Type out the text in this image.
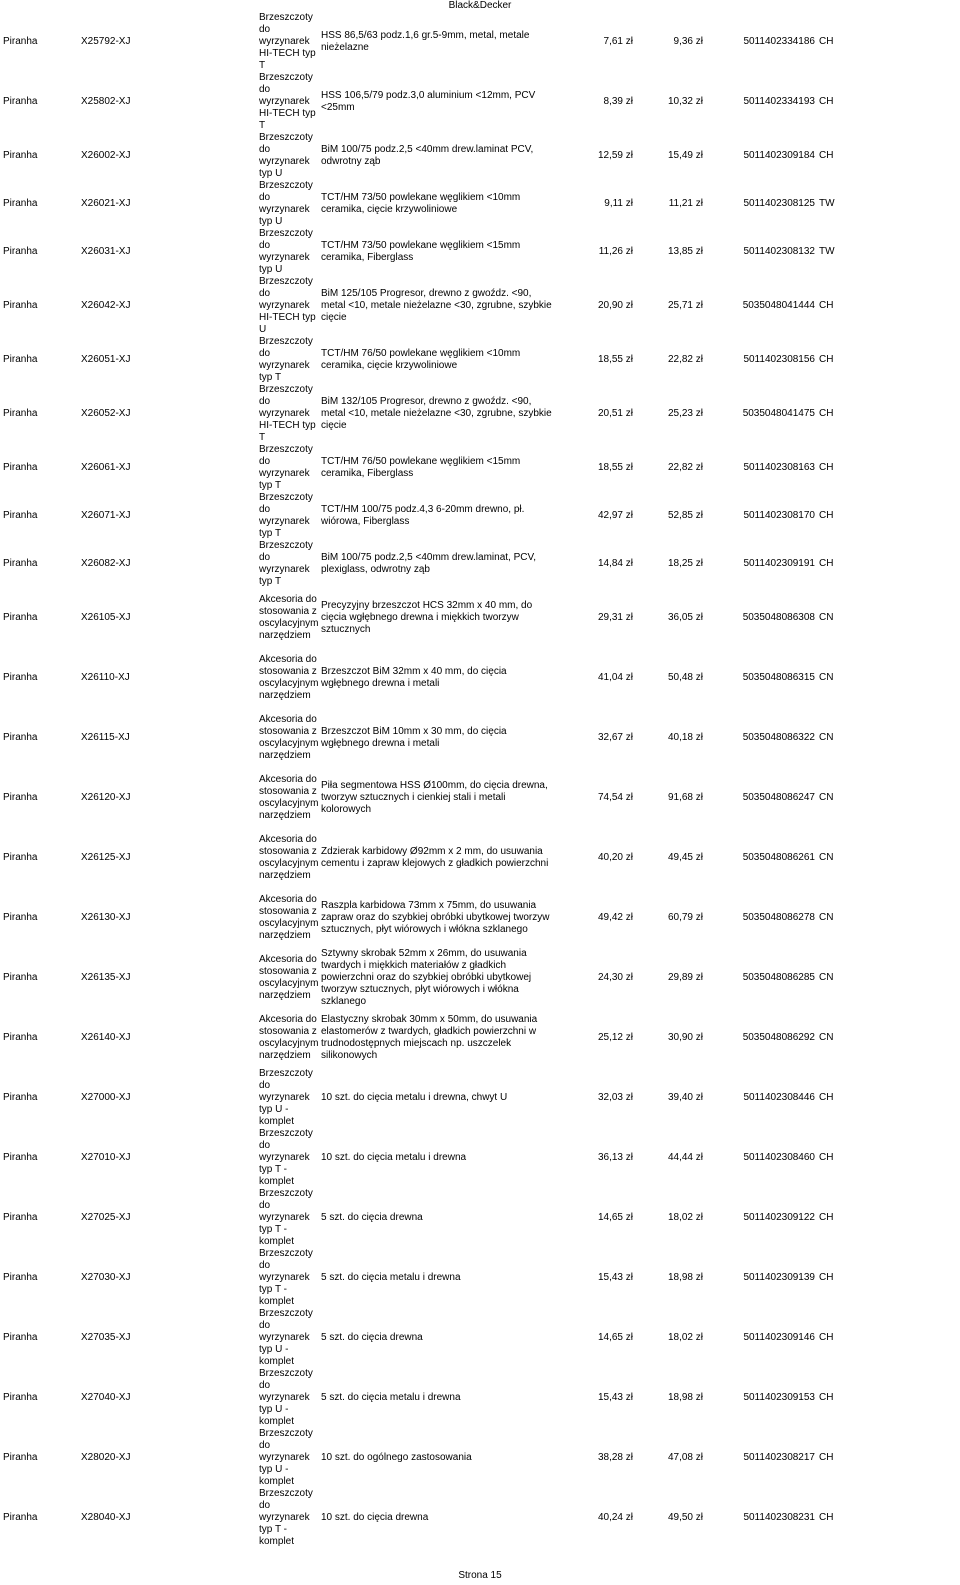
Black&Decker
Piranha	X25792-XJ	Brzeszczoty do wyrzynarek HI-TECH typ T	HSS 86,5/63 podz.1,6 gr.5-9mm, metal, metale nieżelazne	7,61 zł	9,36 zł	5011402334186	CH
Piranha	X25802-XJ	Brzeszczoty do wyrzynarek HI-TECH typ T	HSS 106,5/79 podz.3,0 aluminium <12mm, PCV <25mm	8,39 zł	10,32 zł	5011402334193	CH
Piranha	X26002-XJ	Brzeszczoty do wyrzynarek typ U	BiM 100/75 podz.2,5 <40mm drew.laminat PCV, odwrotny ząb	12,59 zł	15,49 zł	5011402309184	CH
Piranha	X26021-XJ	Brzeszczoty do wyrzynarek typ U	TCT/HM 73/50 powlekane węglikiem <10mm ceramika, cięcie krzywoliniowe	9,11 zł	11,21 zł	5011402308125	TW
Piranha	X26031-XJ	Brzeszczoty do wyrzynarek typ U	TCT/HM 73/50 powlekane węglikiem <15mm ceramika, Fiberglass	11,26 zł	13,85 zł	5011402308132	TW
Piranha	X26042-XJ	Brzeszczoty do wyrzynarek HI-TECH typ U	BiM 125/105 Progresor, drewno z gwoźdz. <90, metal <10, metale nieżelazne <30, zgrubne, szybkie cięcie	20,90 zł	25,71 zł	5035048041444	CH
Piranha	X26051-XJ	Brzeszczoty do wyrzynarek typ T	TCT/HM 76/50 powlekane węglikiem <10mm ceramika, cięcie krzywoliniowe	18,55 zł	22,82 zł	5011402308156	CH
Piranha	X26052-XJ	Brzeszczoty do wyrzynarek HI-TECH typ T	BiM 132/105 Progresor, drewno z gwoźdz. <90, metal <10, metale nieżelazne <30, zgrubne, szybkie cięcie	20,51 zł	25,23 zł	5035048041475	CH
Piranha	X26061-XJ	Brzeszczoty do wyrzynarek typ T	TCT/HM 76/50 powlekane węglikiem <15mm ceramika, Fiberglass	18,55 zł	22,82 zł	5011402308163	CH
Piranha	X26071-XJ	Brzeszczoty do wyrzynarek typ T	TCT/HM 100/75 podz.4,3 6-20mm drewno, pł. wiórowa, Fiberglass	42,97 zł	52,85 zł	5011402308170	CH
Piranha	X26082-XJ	Brzeszczoty do wyrzynarek typ T	BiM 100/75 podz.2,5 <40mm drew.laminat, PCV, plexiglass, odwrotny ząb	14,84 zł	18,25 zł	5011402309191	CH
Piranha	X26105-XJ	Akcesoria do stosowania z oscylacyjnym narzędziem	Precyzyjny brzeszczot HCS 32mm x 40 mm, do cięcia wgłębnego drewna i miękkich tworzyw sztucznych	29,31 zł	36,05 zł	5035048086308	CN
Piranha	X26110-XJ	Akcesoria do stosowania z oscylacyjnym narzędziem	Brzeszczot BiM 32mm x 40 mm, do cięcia wgłębnego drewna i metali	41,04 zł	50,48 zł	5035048086315	CN
Piranha	X26115-XJ	Akcesoria do stosowania z oscylacyjnym narzędziem	Brzeszczot BiM 10mm x 30 mm, do cięcia wgłębnego drewna i metali	32,67 zł	40,18 zł	5035048086322	CN
Piranha	X26120-XJ	Akcesoria do stosowania z oscylacyjnym narzędziem	Piła segmentowa HSS Ø100mm, do cięcia drewna, tworzyw sztucznych i cienkiej stali i metali kolorowych	74,54 zł	91,68 zł	5035048086247	CN
Piranha	X26125-XJ	Akcesoria do stosowania z oscylacyjnym narzędziem	Zdzierak karbidowy Ø92mm x 2 mm, do usuwania cementu i zapraw klejowych z gładkich powierzchni	40,20 zł	49,45 zł	5035048086261	CN
Piranha	X26130-XJ	Akcesoria do stosowania z oscylacyjnym narzędziem	Raszpla karbidowa 73mm x 75mm, do usuwania zapraw oraz do szybkiej obróbki ubytkowej tworzyw sztucznych, płyt wiórowych i włókna szklanego	49,42 zł	60,79 zł	5035048086278	CN
Piranha	X26135-XJ	Akcesoria do stosowania z oscylacyjnym narzędziem	Sztywny skrobak 52mm x 26mm, do usuwania twardych i miękkich materiałów z gładkich powierzchni oraz do szybkiej obróbki ubytkowej tworzyw sztucznych, płyt wiórowych i włókna szklanego	24,30 zł	29,89 zł	5035048086285	CN
Piranha	X26140-XJ	Akcesoria do stosowania z oscylacyjnym narzędziem	Elastyczny skrobak 30mm x 50mm, do usuwania elastomerów z twardych, gładkich powierzchni w trudnodostępnych miejscach np. uszczelek silikonowych	25,12 zł	30,90 zł	5035048086292	CN
Piranha	X27000-XJ	Brzeszczoty do wyrzynarek typ U - komplet	10 szt. do cięcia metalu i drewna, chwyt U	32,03 zł	39,40 zł	5011402308446	CH
Piranha	X27010-XJ	Brzeszczoty do wyrzynarek typ T - komplet	10 szt. do cięcia metalu i drewna	36,13 zł	44,44 zł	5011402308460	CH
Piranha	X27025-XJ	Brzeszczoty do wyrzynarek typ T - komplet	5 szt. do cięcia drewna	14,65 zł	18,02 zł	5011402309122	CH
Piranha	X27030-XJ	Brzeszczoty do wyrzynarek typ T - komplet	5 szt. do cięcia metalu i drewna	15,43 zł	18,98 zł	5011402309139	CH
Piranha	X27035-XJ	Brzeszczoty do wyrzynarek typ U - komplet	5 szt. do cięcia drewna	14,65 zł	18,02 zł	5011402309146	CH
Piranha	X27040-XJ	Brzeszczoty do wyrzynarek typ U - komplet	5 szt. do cięcia metalu i drewna	15,43 zł	18,98 zł	5011402309153	CH
Piranha	X28020-XJ	Brzeszczoty do wyrzynarek typ U - komplet	10 szt. do ogólnego zastosowania	38,28 zł	47,08 zł	5011402308217	CH
Piranha	X28040-XJ	Brzeszczoty do wyrzynarek typ T - komplet	10 szt. do cięcia drewna	40,24 zł	49,50 zł	5011402308231	CH
Strona 15
